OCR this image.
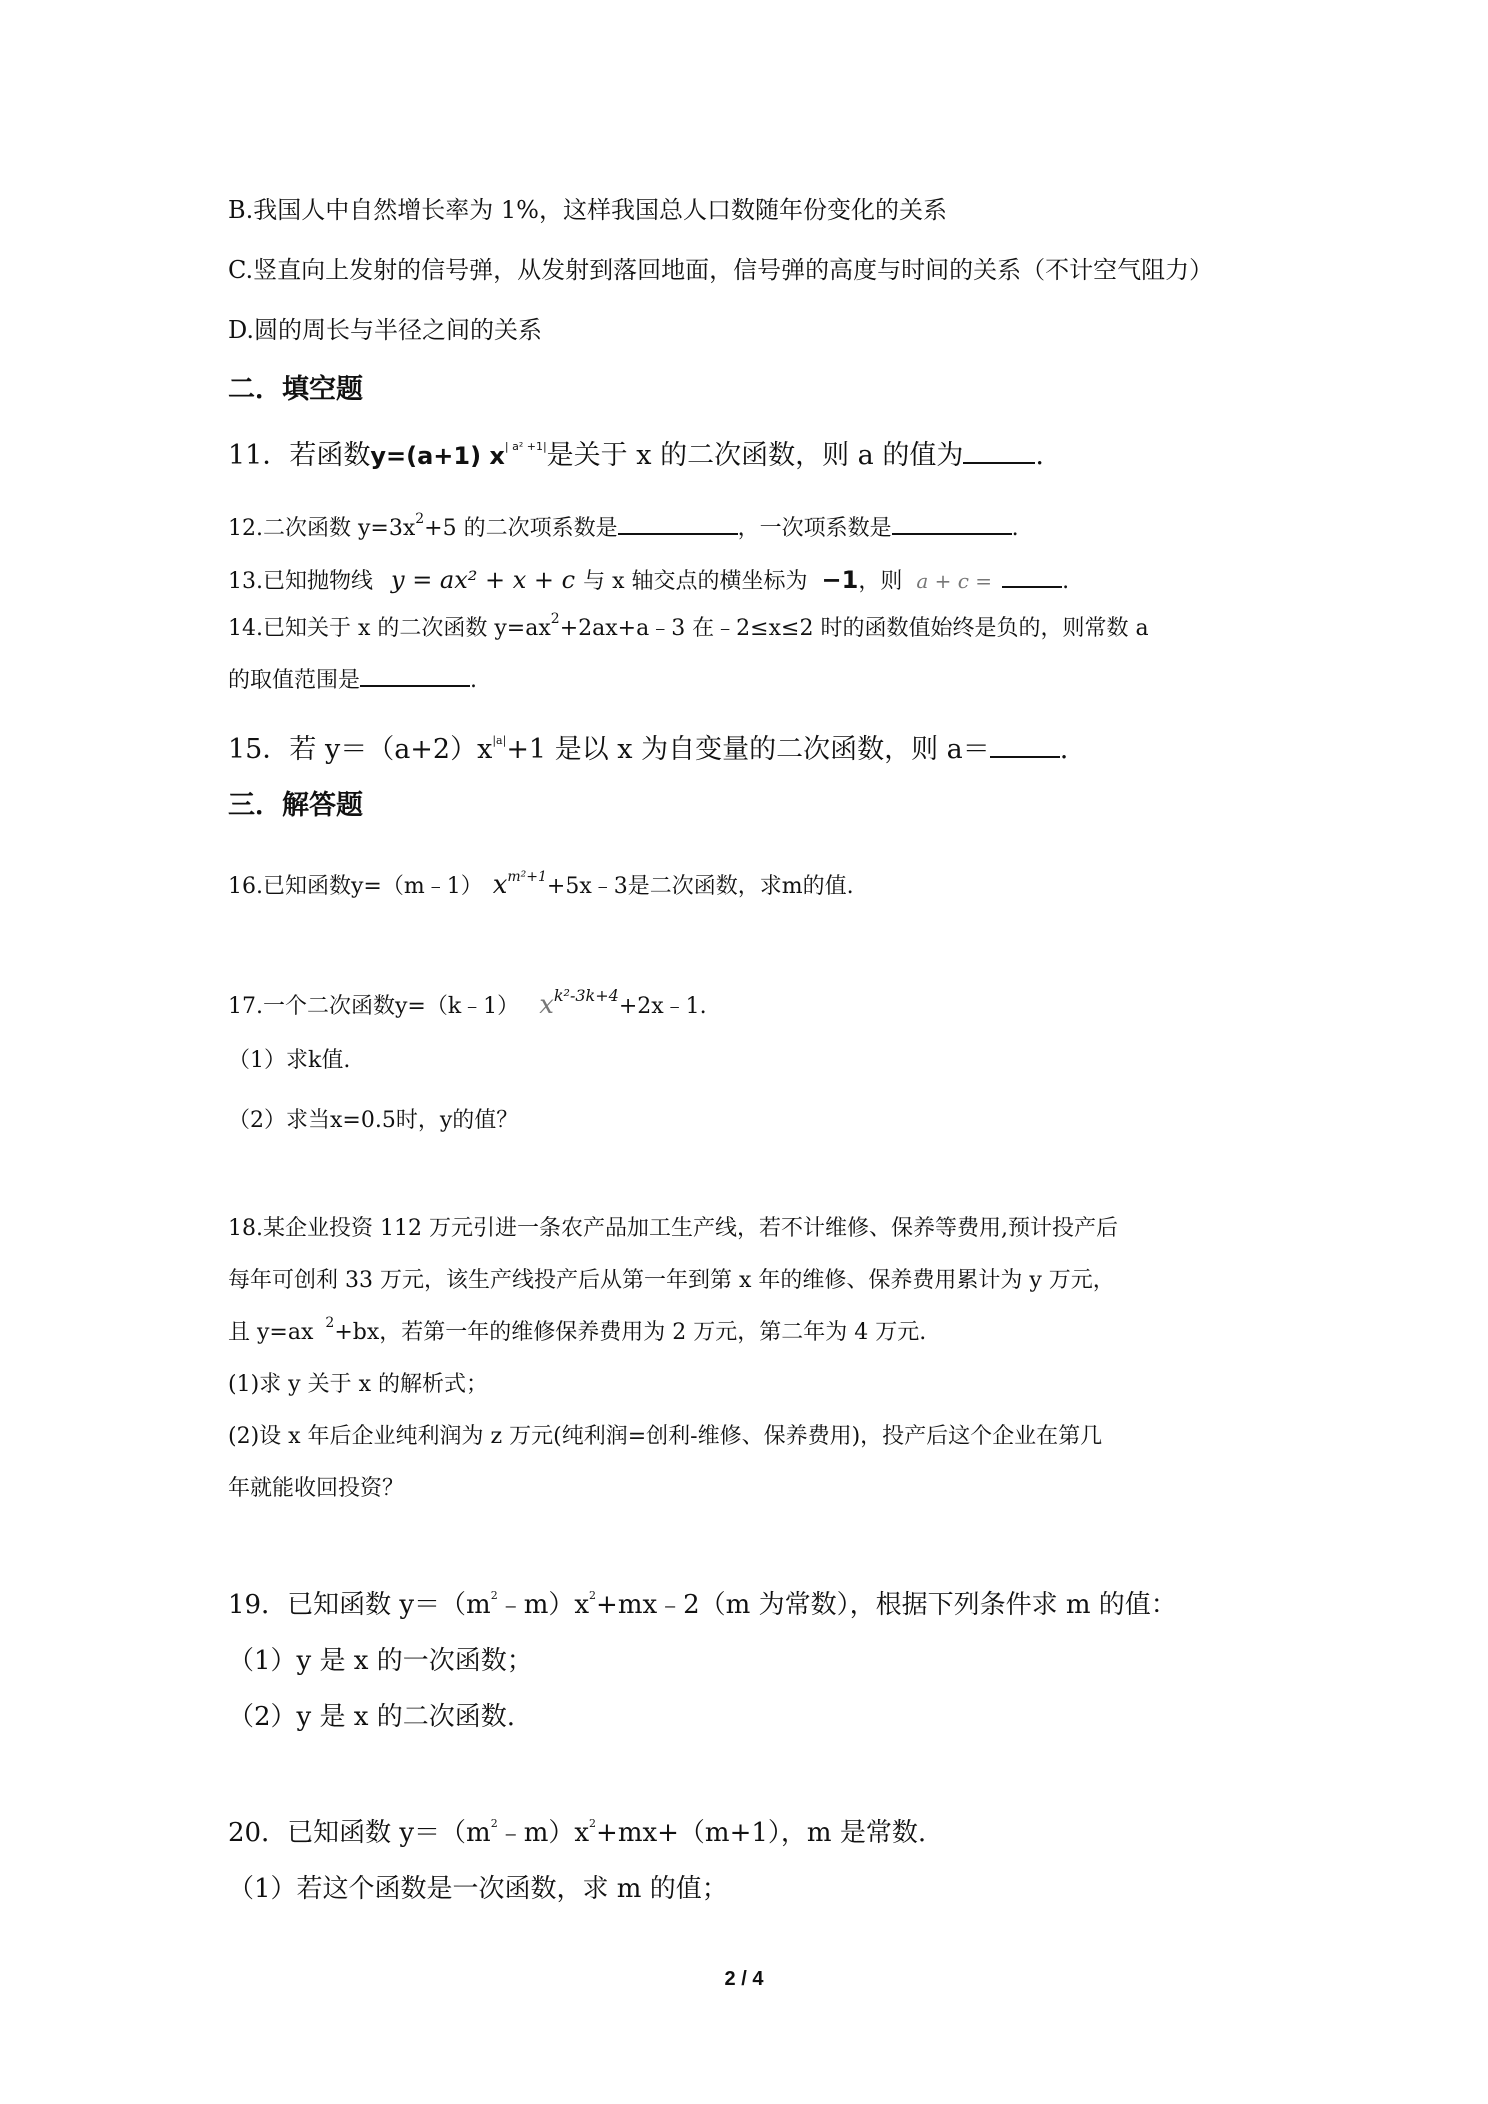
B.我国人中自然增长率为 1%，这样我国总人口数随年份变化的关系
C.竖直向上发射的信号弹，从发射到落回地面，信号弹的高度与时间的关系（不计空气阻力）
D.圆的周长与半径之间的关系
二．填空题
11．若函数y=(a+1) $x^{| a^2 +1|}$是关于 x 的二次函数，则 a 的值为	.
12.二次函数 $y=3x^2+5$ 的二次项系数是	，一次项系数是	.
13.已知抛物线 y = ax² + x + c 与 x 轴交点的横坐标为 −1，则 a + c =	.
14.已知关于 x 的二次函数 $y=ax^2+2ax+a﹣3$ 在﹣2≤x≤2 时的函数值始终是负的，则常数 a
的取值范围是	.
15．若 $y=(a+2)x^{|a|}+1$ 是以 x 为自变量的二次函数，则 a＝	.
三．解答题
16.已知函数y=（m﹣1） $x^{m^2+1}+5x﹣3$是二次函数，求m的值.
17.一个二次函数y=（k﹣1） $x^{k^2-3k+4}+2x﹣1$.
（1）求k值.
（2）求当x=0.5时，y的值？
18.某企业投资 112 万元引进一条农产品加工生产线，若不计维修、保养等费用,预计投产后
每年可创利 33 万元，该生产线投产后从第一年到第 x 年的维修、保养费用累计为 y 万元，
且 y=ax $^2$+bx，若第一年的维修保养费用为 2 万元，第二年为 4 万元.
(1)求 y 关于 x 的解析式；
(2)设 x 年后企业纯利润为 z 万元(纯利润=创利-维修、保养费用)，投产后这个企业在第几
年就能收回投资？
19．已知函数 $y=(m^2﹣m)x^2+mx﹣2(m$ 为常数），根据下列条件求 m 的值：
（1）y 是 x 的一次函数；
（2）y 是 x 的二次函数.
20．已知函数 $y=(m^2﹣m)x^2+mx+(m+1)$，m 是常数.
（1）若这个函数是一次函数，求 m 的值；
2 / 4
